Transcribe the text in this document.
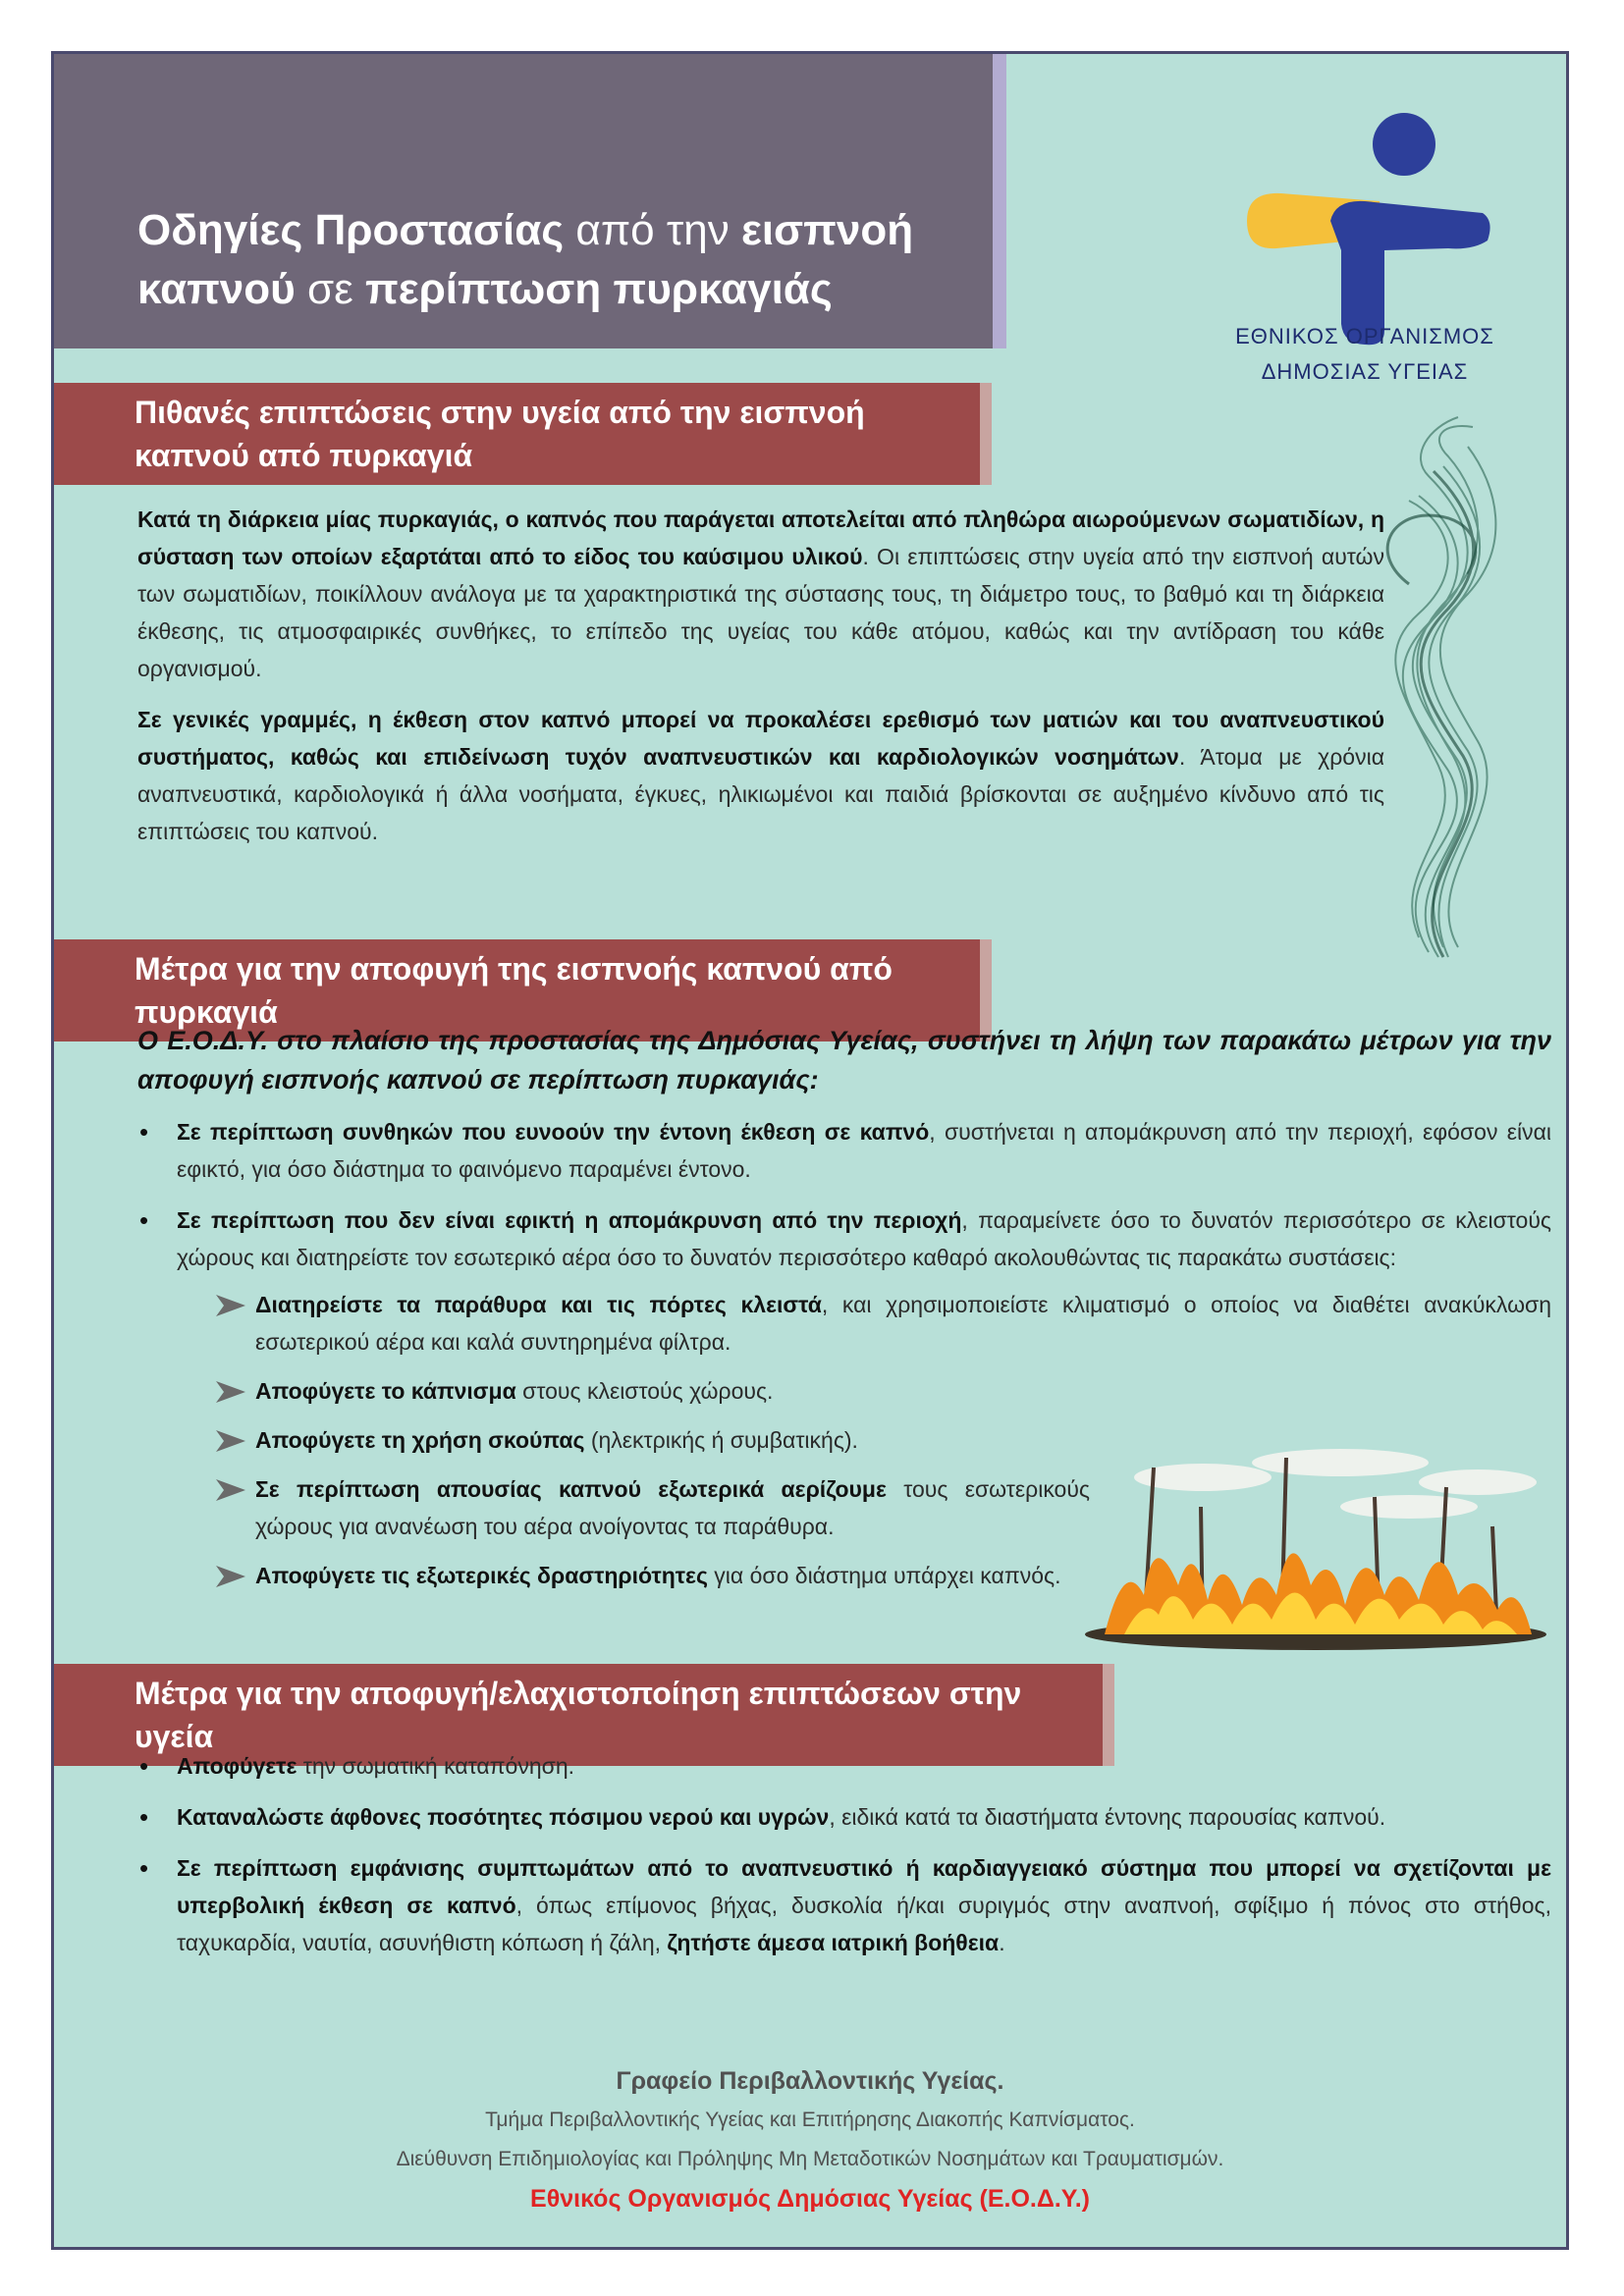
Οδηγίες Προστασίας από την εισπνοή
καπνού σε περίπτωση πυρκαγιάς
ΕΘΝΙΚΟΣ ΟΡΓΑΝΙΣΜΟΣ
ΔΗΜΟΣΙΑΣ ΥΓΕΙΑΣ
Πιθανές επιπτώσεις στην υγεία από την εισπνοή
καπνού από πυρκαγιά

Κατά τη διάρκεια μίας πυρκαγιάς, ο καπνός που παράγεται αποτελείται από πληθώρα αιωρούμενων σωματιδίων, η σύσταση των οποίων εξαρτάται από το είδος του καύσιμου υλικού. Οι επιπτώσεις στην υγεία από την εισπνοή αυτών των σωματιδίων, ποικίλλουν ανάλογα με τα χαρακτηριστικά της σύστασης τους, τη διάμετρο τους, το βαθμό και τη διάρκεια έκθεσης, τις ατμοσφαιρικές συνθήκες, το επίπεδο της υγείας του κάθε ατόμου, καθώς και την αντίδραση του κάθε οργανισμού.

Σε γενικές γραμμές, η έκθεση στον καπνό μπορεί να προκαλέσει ερεθισμό των ματιών και του αναπνευστικού συστήματος, καθώς και επιδείνωση τυχόν αναπνευστικών και καρδιολογικών νοσημάτων. Άτομα με χρόνια αναπνευστικά, καρδιολογικά ή άλλα νοσήματα, έγκυες, ηλικιωμένοι και παιδιά βρίσκονται σε αυξημένο κίνδυνο από τις επιπτώσεις του καπνού.

Μέτρα για την αποφυγή της εισπνοής καπνού από πυρκαγιά

Ο Ε.Ο.Δ.Υ. στο πλαίσιο της προστασίας της Δημόσιας Υγείας, συστήνει τη λήψη των παρακάτω μέτρων για την αποφυγή εισπνοής καπνού σε περίπτωση πυρκαγιάς:

• Σε περίπτωση συνθηκών που ευνοούν την έντονη έκθεση σε καπνό, συστήνεται η απομάκρυνση από την περιοχή, εφόσον είναι εφικτό, για όσο διάστημα το φαινόμενο παραμένει έντονο.
• Σε περίπτωση που δεν είναι εφικτή η απομάκρυνση από την περιοχή, παραμείνετε όσο το δυνατόν περισσότερο σε κλειστούς χώρους και διατηρείστε τον εσωτερικό αέρα όσο το δυνατόν περισσότερο καθαρό ακολουθώντας τις παρακάτω συστάσεις:
Διατηρείστε τα παράθυρα και τις πόρτες κλειστά, και χρησιμοποιείστε κλιματισμό ο οποίος να διαθέτει ανακύκλωση εσωτερικού αέρα και καλά συντηρημένα φίλτρα.
Αποφύγετε το κάπνισμα στους κλειστούς χώρους.
Αποφύγετε τη χρήση σκούπας (ηλεκτρικής ή συμβατικής).
Σε περίπτωση απουσίας καπνού εξωτερικά αερίζουμε τους εσωτερικούς χώρους για ανανέωση του αέρα ανοίγοντας τα παράθυρα.
Αποφύγετε τις εξωτερικές δραστηριότητες για όσο διάστημα υπάρχει καπνός.
Μέτρα για την αποφυγή/ελαχιστοποίηση επιπτώσεων στην υγεία
• Αποφύγετε την σωματική καταπόνηση.
• Καταναλώστε άφθονες ποσότητες πόσιμου νερού και υγρών, ειδικά κατά τα διαστήματα έντονης παρουσίας καπνού.
• Σε περίπτωση εμφάνισης συμπτωμάτων από το αναπνευστικό ή καρδιαγγειακό σύστημα που μπορεί να σχετίζονται με υπερβολική έκθεση σε καπνό, όπως επίμονος βήχας, δυσκολία ή/και συριγμός στην αναπνοή, σφίξιμο ή πόνος στο στήθος, ταχυκαρδία, ναυτία, ασυνήθιστη κόπωση ή ζάλη, ζητήστε άμεσα ιατρική βοήθεια.
Γραφείο Περιβαλλοντικής Υγείας.
Τμήμα Περιβαλλοντικής Υγείας και Επιτήρησης Διακοπής Καπνίσματος.
Διεύθυνση Επιδημιολογίας και Πρόληψης Μη Μεταδοτικών Νοσημάτων και Τραυματισμών.
Εθνικός Οργανισμός Δημόσιας Υγείας (Ε.Ο.Δ.Υ.)
